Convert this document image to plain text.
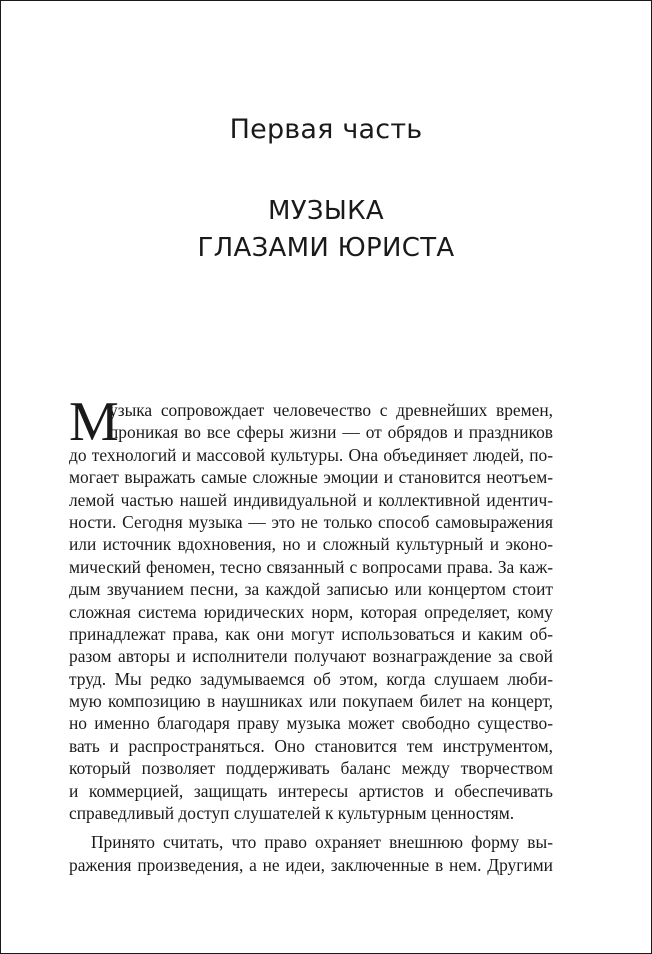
Первая часть
МУЗЫКА
ГЛАЗАМИ ЮРИСТА
М
узыка сопровождает человечество с древнейших времен,
проникая во все сферы жизни — от обрядов и праздников
до технологий и массовой культуры. Она объединяет людей, по-
могает выражать самые сложные эмоции и становится неотъем-
лемой частью нашей индивидуальной и коллективной идентич-
ности. Сегодня музыка — это не только способ самовыражения
или источник вдохновения, но и сложный культурный и эконо-
мический феномен, тесно связанный с вопросами права. За каж-
дым звучанием песни, за каждой записью или концертом стоит
сложная система юридических норм, которая определяет, кому
принадлежат права, как они могут использоваться и каким об-
разом авторы и исполнители получают вознаграждение за свой
труд. Мы редко задумываемся об этом, когда слушаем люби-
мую композицию в наушниках или покупаем билет на концерт,
но именно благодаря праву музыка может свободно существо-
вать и распространяться. Оно становится тем инструментом,
который позволяет поддерживать баланс между творчеством
и коммерцией, защищать интересы артистов и обеспечивать
справедливый доступ слушателей к культурным ценностям.
Принято считать, что право охраняет внешнюю форму вы-
ражения произведения, а не идеи, заключенные в нем. Другими
